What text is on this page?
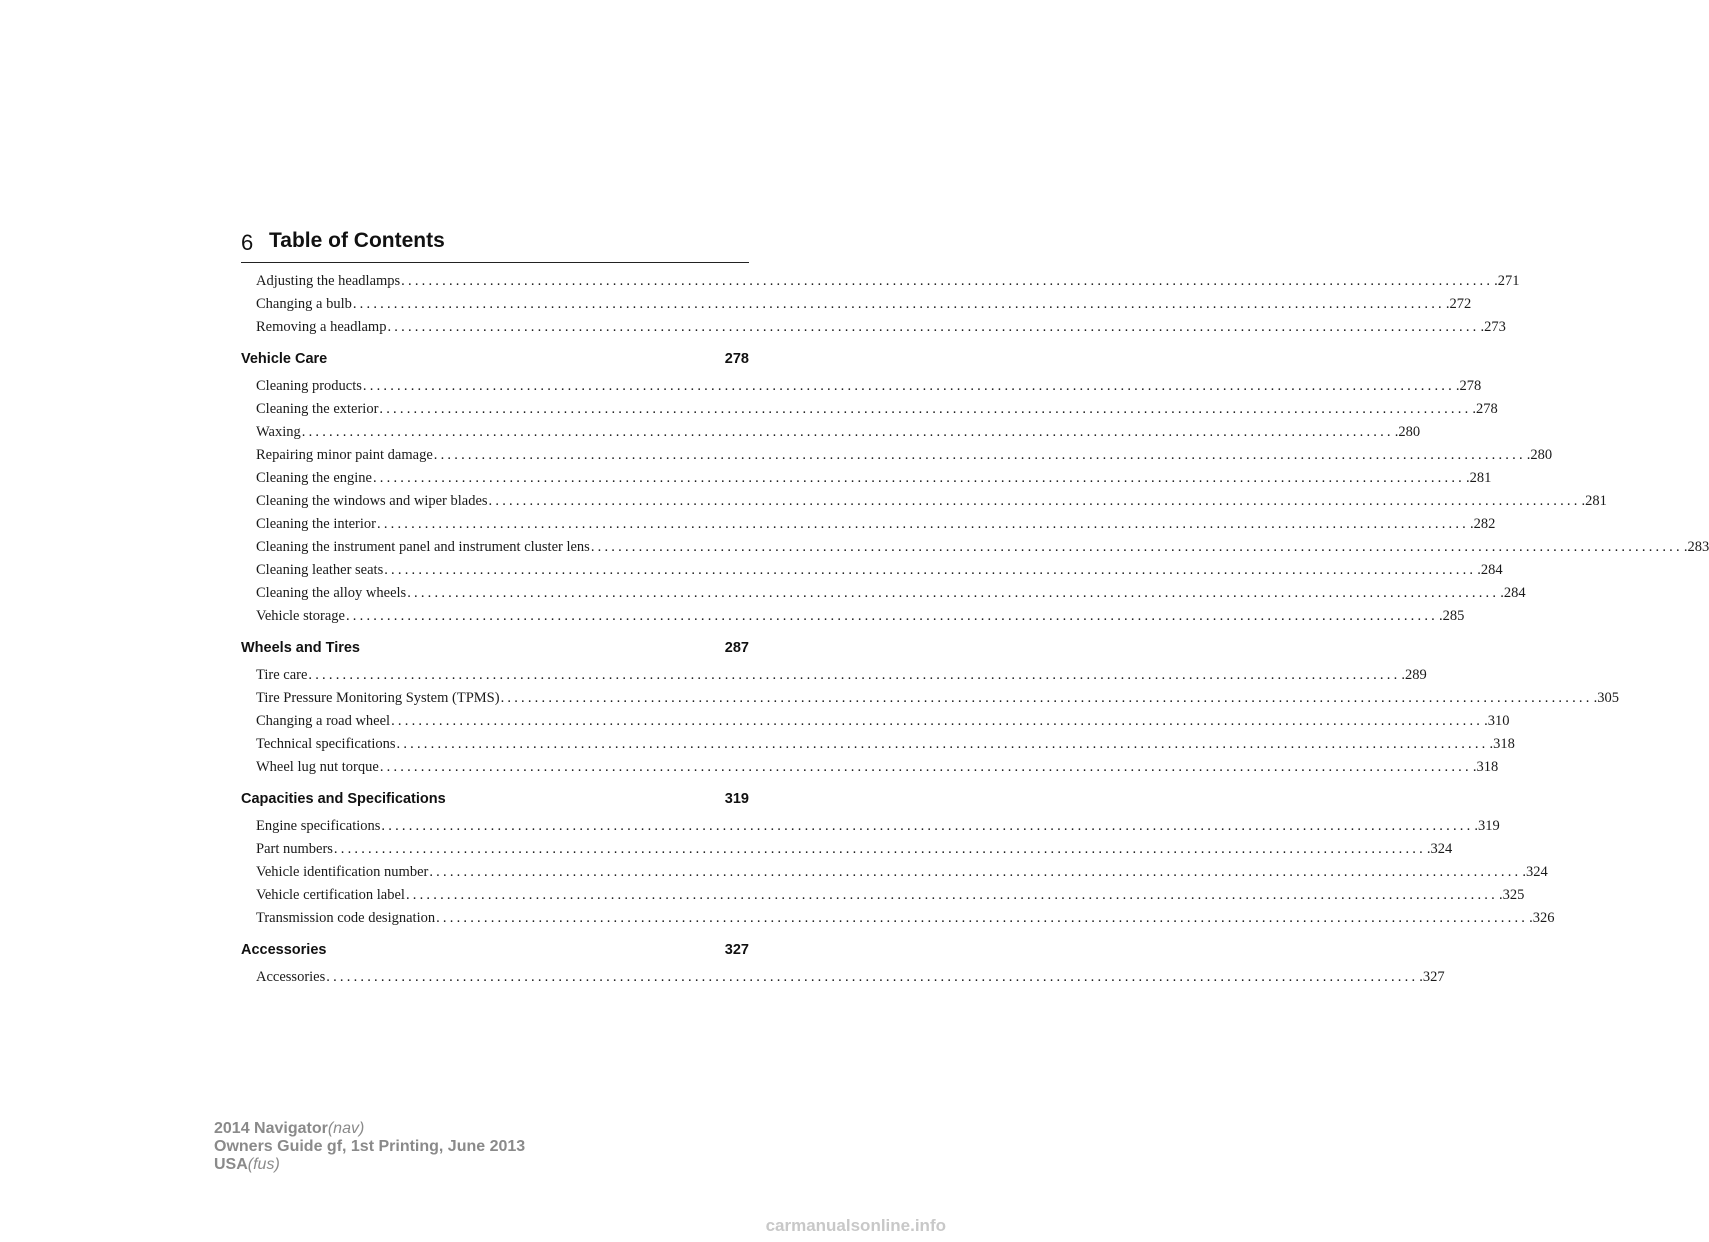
6 Table of Contents
Adjusting the headlamps ................................................................................................................................................................ .271
Changing a bulb ................................................................................................................................................................ .272
Removing a headlamp ................................................................................................................................................................ .273
Vehicle Care	278
Cleaning products ................................................................................................................................................................ .278
Cleaning the exterior ................................................................................................................................................................ .278
Waxing ................................................................................................................................................................ .280
Repairing minor paint damage ................................................................................................................................................................ .280
Cleaning the engine ................................................................................................................................................................ .281
Cleaning the windows and wiper blades ................................................................................................................................................................ .281
Cleaning the interior ................................................................................................................................................................ .282
Cleaning the instrument panel and instrument cluster lens ................................................................................................................................................................ .283
Cleaning leather seats ................................................................................................................................................................ .284
Cleaning the alloy wheels ................................................................................................................................................................ .284
Vehicle storage ................................................................................................................................................................ .285
Wheels and Tires	287
Tire care ................................................................................................................................................................ .289
Tire Pressure Monitoring System (TPMS) ................................................................................................................................................................ .305
Changing a road wheel ................................................................................................................................................................ .310
Technical specifications ................................................................................................................................................................ .318
Wheel lug nut torque ................................................................................................................................................................ .318
Capacities and Specifications	319
Engine specifications ................................................................................................................................................................ .319
Part numbers ................................................................................................................................................................ .324
Vehicle identification number ................................................................................................................................................................ .324
Vehicle certification label ................................................................................................................................................................ .325
Transmission code designation ................................................................................................................................................................ .326
Accessories	327
Accessories ................................................................................................................................................................ .327
2014 Navigator(nav)
Owners Guide gf, 1st Printing, June 2013
USA(fus)
carmanualsonline.info
